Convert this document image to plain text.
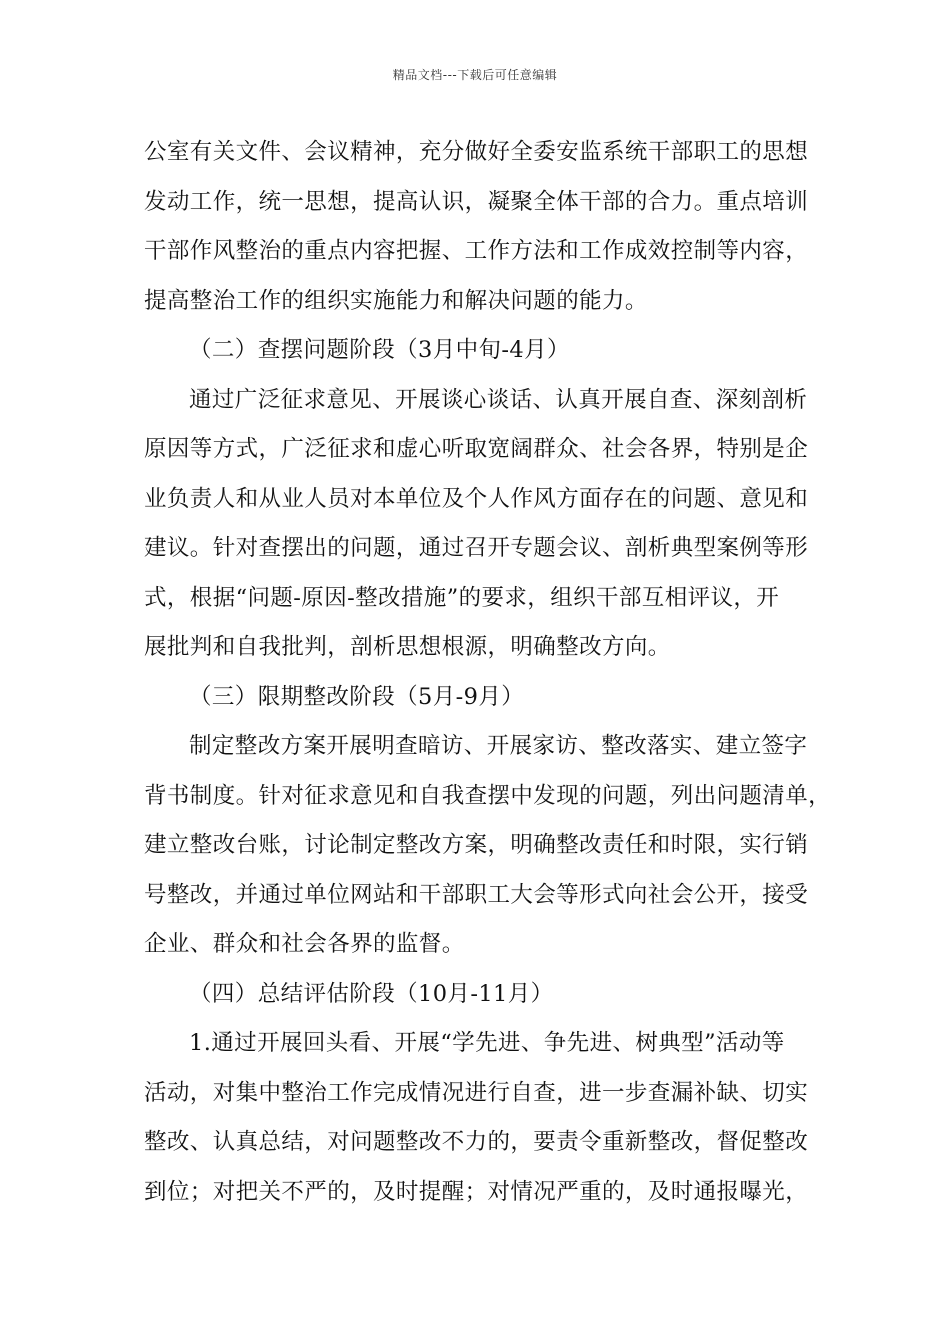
精品文档---下载后可任意编辑
公室有关文件、会议精神，充分做好全委安监系统干部职工的思想
发动工作，统一思想，提高认识，凝聚全体干部的合力。重点培训
干部作风整治的重点内容把握、工作方法和工作成效控制等内容，
提高整治工作的组织实施能力和解决问题的能力。
（二）查摆问题阶段（3月中旬-4月）
通过广泛征求意见、开展谈心谈话、认真开展自查、深刻剖析
原因等方式，广泛征求和虚心听取宽阔群众、社会各界，特别是企
业负责人和从业人员对本单位及个人作风方面存在的问题、意见和
建议。针对查摆出的问题，通过召开专题会议、剖析典型案例等形
式，根据“问题-原因-整改措施”的要求，组织干部互相评议，开
展批判和自我批判，剖析思想根源，明确整改方向。
（三）限期整改阶段（5月-9月）
制定整改方案开展明查暗访、开展家访、整改落实、建立签字
背书制度。针对征求意见和自我查摆中发现的问题，列出问题清单，
建立整改台账，讨论制定整改方案，明确整改责任和时限，实行销
号整改，并通过单位网站和干部职工大会等形式向社会公开，接受
企业、群众和社会各界的监督。
（四）总结评估阶段（10月-11月）
1.通过开展回头看、开展“学先进、争先进、树典型”活动等
活动，对集中整治工作完成情况进行自查，进一步查漏补缺、切实
整改、认真总结，对问题整改不力的，要责令重新整改，督促整改
到位；对把关不严的，及时提醒；对情况严重的，及时通报曝光，
